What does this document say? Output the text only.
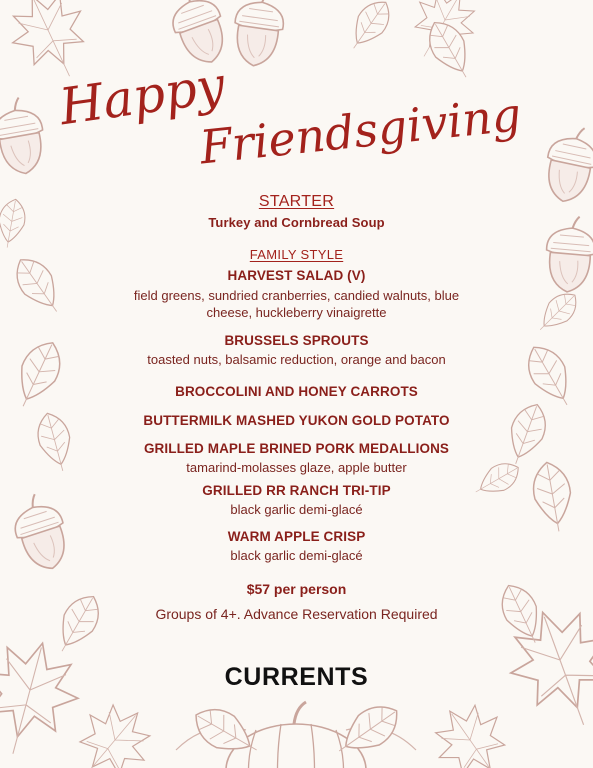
Happy
Friendsgiving
STARTER
Turkey and Cornbread Soup
FAMILY STYLE
HARVEST SALAD (V)
field greens, sundried cranberries, candied walnuts, blue
cheese, huckleberry vinaigrette
BRUSSELS SPROUTS
toasted nuts, balsamic reduction, orange and bacon
BROCCOLINI AND HONEY CARROTS
BUTTERMILK MASHED YUKON GOLD POTATO
GRILLED MAPLE BRINED PORK MEDALLIONS
tamarind-molasses glaze, apple butter
GRILLED RR RANCH TRI-TIP
black garlic demi-glacé
WARM APPLE CRISP
black garlic demi-glacé
$57 per person
Groups of 4+. Advance Reservation Required
CURRENTS
